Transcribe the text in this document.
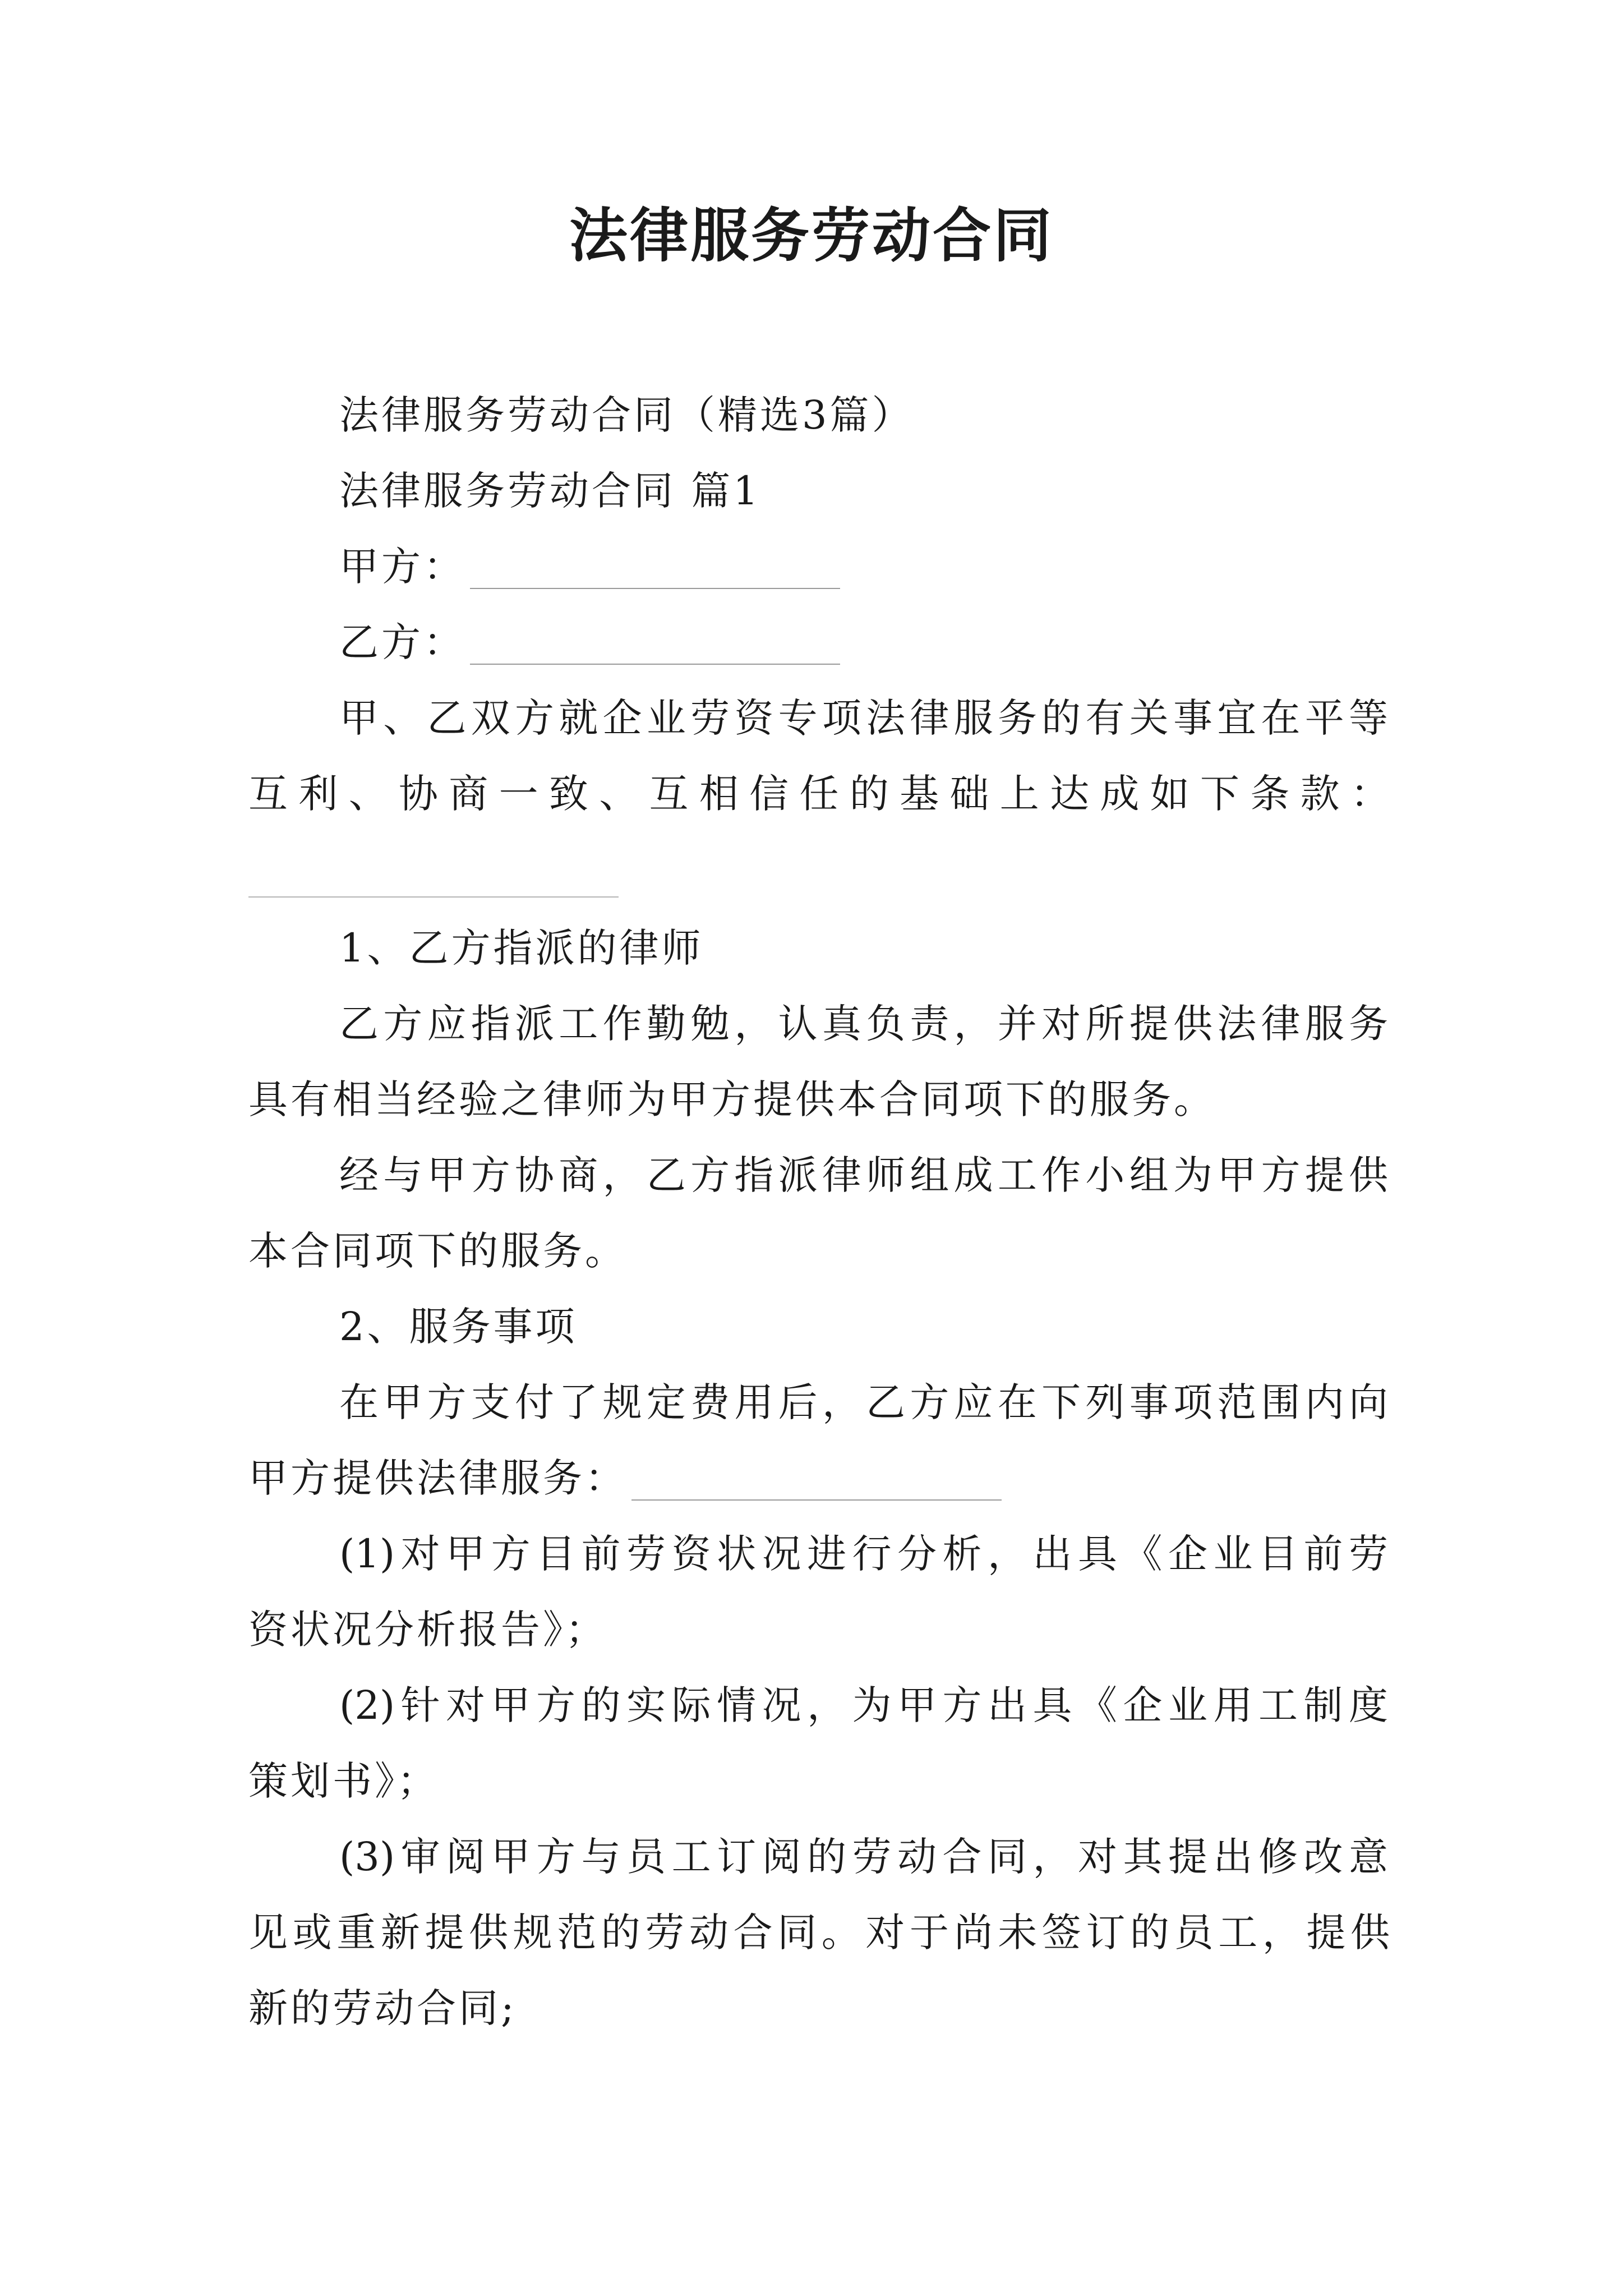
法律服务劳动合同
法律服务劳动合同（精选3篇）
法律服务劳动合同 篇1
甲方：
乙方：
甲、乙双方就企业劳资专项法律服务的有关事宜在平等
互利、协商一致、互相信任的基础上达成如下条款：
1、乙方指派的律师
乙方应指派工作勤勉，认真负责，并对所提供法律服务
具有相当经验之律师为甲方提供本合同项下的服务。
经与甲方协商，乙方指派律师组成工作小组为甲方提供
本合同项下的服务。
2、服务事项
在甲方支付了规定费用后，乙方应在下列事项范围内向
甲方提供法律服务：
(1)对甲方目前劳资状况进行分析，出具《企业目前劳
资状况分析报告》；
(2)针对甲方的实际情况，为甲方出具《企业用工制度
策划书》；
(3)审阅甲方与员工订阅的劳动合同，对其提出修改意
见或重新提供规范的劳动合同。对于尚未签订的员工，提供
新的劳动合同;
